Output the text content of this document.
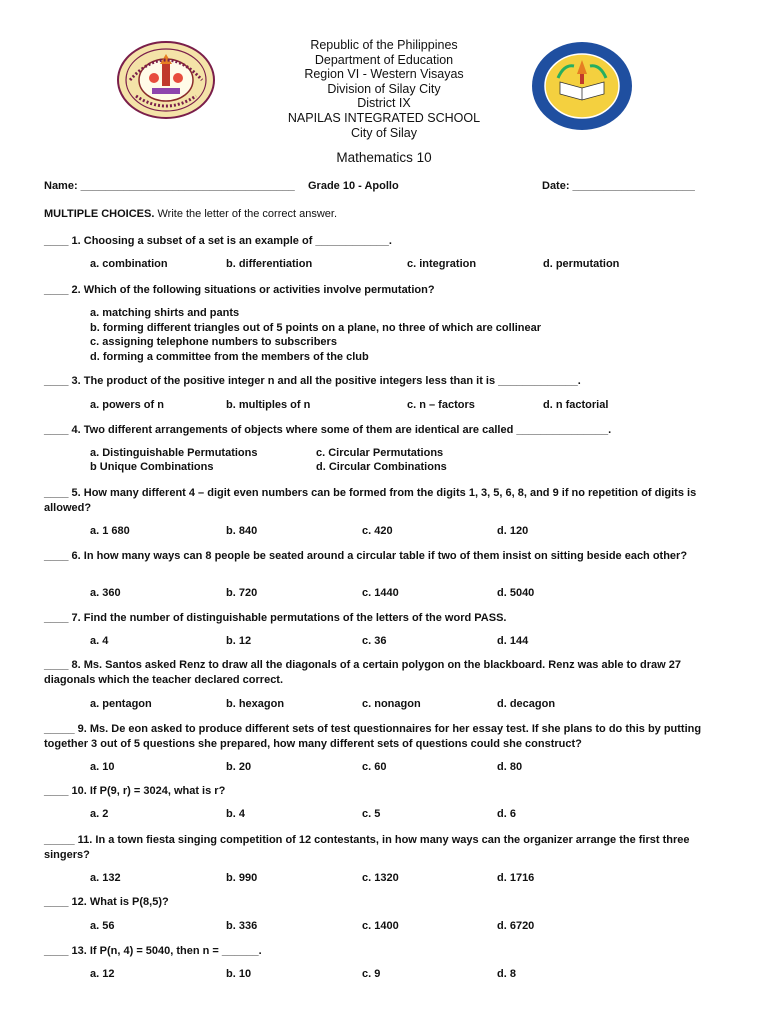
Republic of the Philippines
Department of Education
Region VI - Western Visayas
Division of Silay City
District IX
NAPILAS INTEGRATED SCHOOL
City of Silay
Mathematics 10
Name: ___________________________________ Grade 10 - Apollo	Date: ____________________
MULTIPLE CHOICES. Write the letter of the correct answer.
____ 1. Choosing a subset of a set is an example of ____________.
a. combination	b. differentiation	c. integration	d. permutation
____ 2. Which of the following situations or activities involve permutation?
a. matching shirts and pants
b. forming different triangles out of 5 points on a plane, no three of which are collinear
c. assigning telephone numbers to subscribers
d. forming a committee from the members of the club
____ 3. The product of the positive integer n and all the positive integers less than it is _____________.
a. powers of n	b. multiples of n	c. n – factors	d. n factorial
____ 4. Two different arrangements of objects where some of them are identical are called _______________.
a. Distinguishable Permutations	c. Circular Permutations
b Unique Combinations	d. Circular Combinations
____ 5. How many different 4 – digit even numbers can be formed from the digits 1, 3, 5, 6, 8, and 9 if no repetition of digits is allowed?
a. 1 680	b. 840	c. 420	d. 120
____ 6. In how many ways can 8 people be seated around a circular table if two of them insist on sitting beside each other?
a. 360	b. 720	c. 1440	d. 5040
____ 7. Find the number of distinguishable permutations of the letters of the word PASS.
a. 4	b. 12	c. 36	d. 144
____ 8. Ms. Santos asked Renz to draw all the diagonals of a certain polygon on the blackboard. Renz was able to draw 27 diagonals which the teacher declared correct.
a. pentagon	b. hexagon	c. nonagon	d. decagon
_____ 9. Ms. De eon asked to produce different sets of test questionnaires for her essay test. If she plans to do this by putting together 3 out of 5 questions she prepared, how many different sets of questions could she construct?
a. 10	b. 20	c. 60	d. 80
____ 10. If P(9, r) = 3024, what is r?
a. 2	b. 4	c. 5	d. 6
_____ 11. In a town fiesta singing competition of 12 contestants, in how many ways can the organizer arrange the first three singers?
a. 132	b. 990	c. 1320	d. 1716
____ 12. What is P(8,5)?
a. 56	b. 336	c. 1400	d. 6720
____ 13. If P(n, 4) = 5040, then n = ______.
a. 12	b. 10	c. 9	d. 8
